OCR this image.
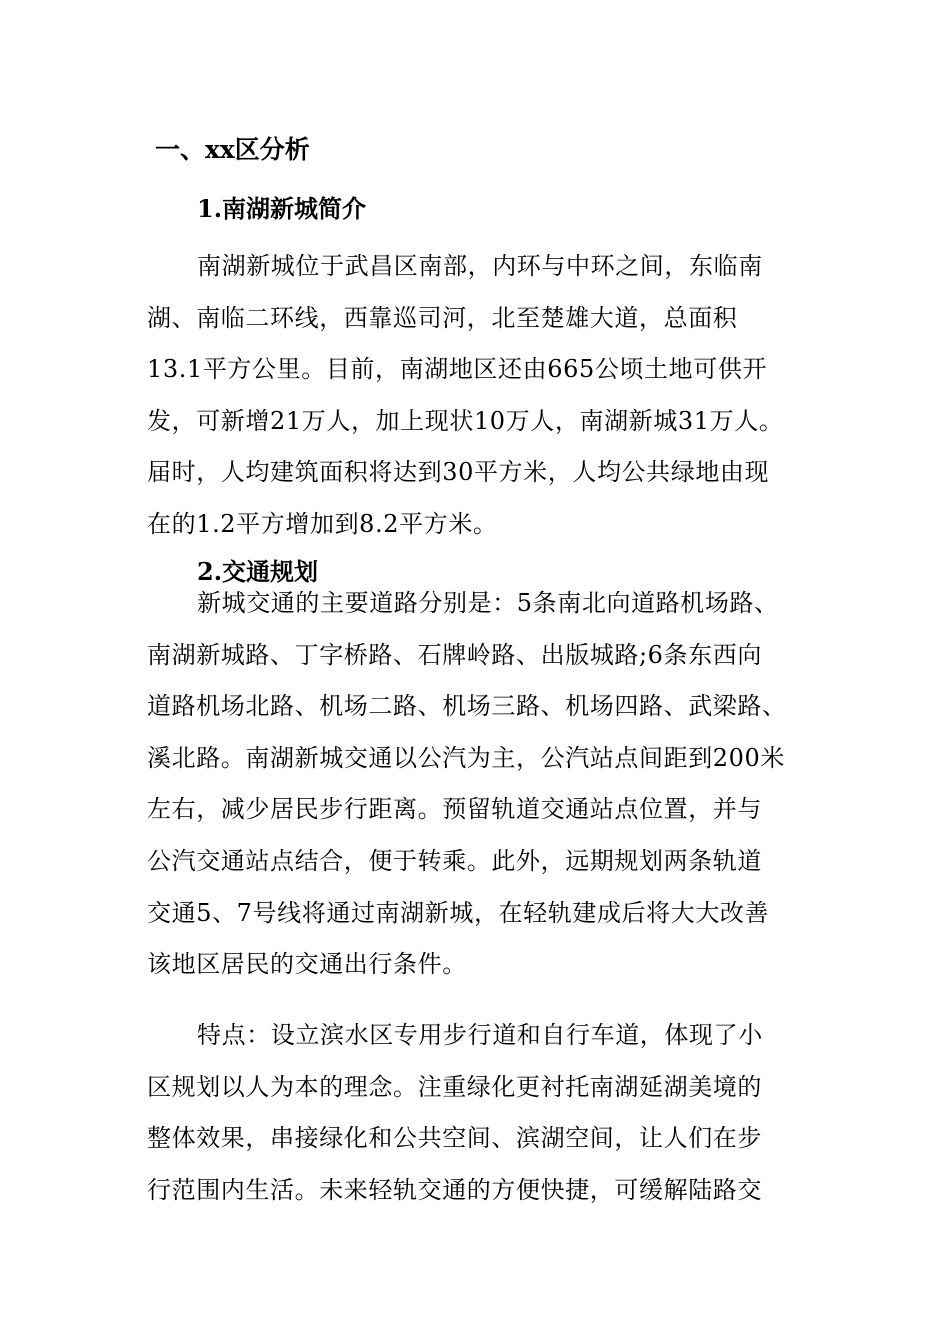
一、xx区分析
1.南湖新城简介
南湖新城位于武昌区南部，内环与中环之间，东临南
湖、南临二环线，西靠巡司河，北至楚雄大道，总面积
13.1平方公里。目前，南湖地区还由665公顷土地可供开
发，可新增21万人，加上现状10万人，南湖新城31万人。
届时，人均建筑面积将达到30平方米，人均公共绿地由现
在的1.2平方增加到8.2平方米。
2.交通规划
新城交通的主要道路分别是：5条南北向道路机场路、
南湖新城路、丁字桥路、石牌岭路、出版城路;6条东西向
道路机场北路、机场二路、机场三路、机场四路、武梁路、
溪北路。南湖新城交通以公汽为主，公汽站点间距到200米
左右，减少居民步行距离。预留轨道交通站点位置，并与
公汽交通站点结合，便于转乘。此外，远期规划两条轨道
交通5、7号线将通过南湖新城，在轻轨建成后将大大改善
该地区居民的交通出行条件。
特点：设立滨水区专用步行道和自行车道，体现了小
区规划以人为本的理念。注重绿化更衬托南湖延湖美境的
整体效果，串接绿化和公共空间、滨湖空间，让人们在步
行范围内生活。未来轻轨交通的方便快捷，可缓解陆路交
